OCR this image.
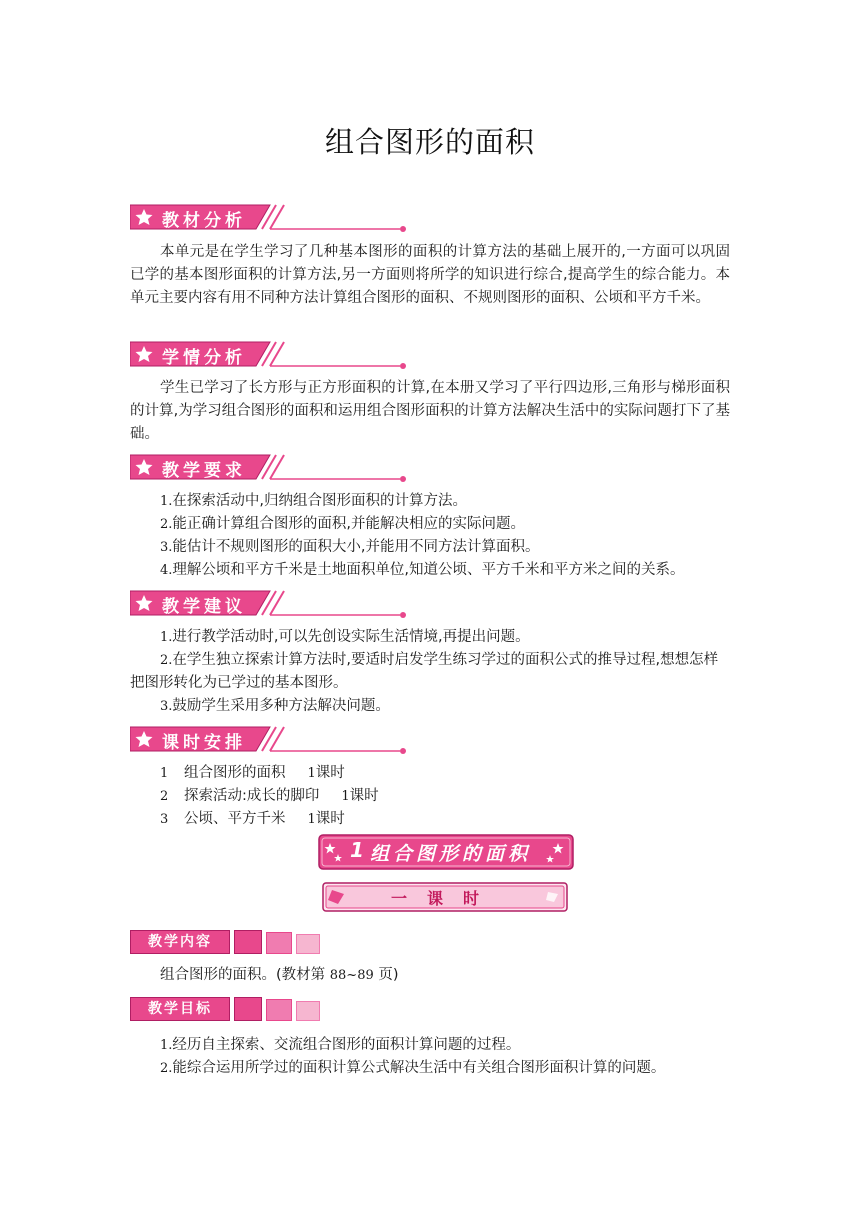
组合图形的面积
教材分析
本单元是在学生学习了几种基本图形的面积的计算方法的基础上展开的,一方面可以巩固已学的基本图形面积的计算方法,另一方面则将所学的知识进行综合,提高学生的综合能力。本单元主要内容有用不同种方法计算组合图形的面积、不规则图形的面积、公顷和平方千米。
学情分析
学生已学习了长方形与正方形面积的计算,在本册又学习了平行四边形,三角形与梯形面积的计算,为学习组合图形的面积和运用组合图形面积的计算方法解决生活中的实际问题打下了基础。
教学要求
1.在探索活动中,归纳组合图形面积的计算方法。
2.能正确计算组合图形的面积,并能解决相应的实际问题。
3.能估计不规则图形的面积大小,并能用不同方法计算面积。
4.理解公顷和平方千米是土地面积单位,知道公顷、平方千米和平方米之间的关系。
教学建议
1.进行教学活动时,可以先创设实际生活情境,再提出问题。
2.在学生独立探索计算方法时,要适时启发学生练习学过的面积公式的推导过程,想想怎样把图形转化为已学过的基本图形。
3.鼓励学生采用多种方法解决问题。
课时安排
1 组合图形的面积 1课时
2 探索活动:成长的脚印 1课时
3 公顷、平方千米 1课时
1 组合图形的面积
一课时
教学内容
组合图形的面积。(教材第 88~89 页)
教学目标
1.经历自主探索、交流组合图形的面积计算问题的过程。
2.能综合运用所学过的面积计算公式解决生活中有关组合图形面积计算的问题。
